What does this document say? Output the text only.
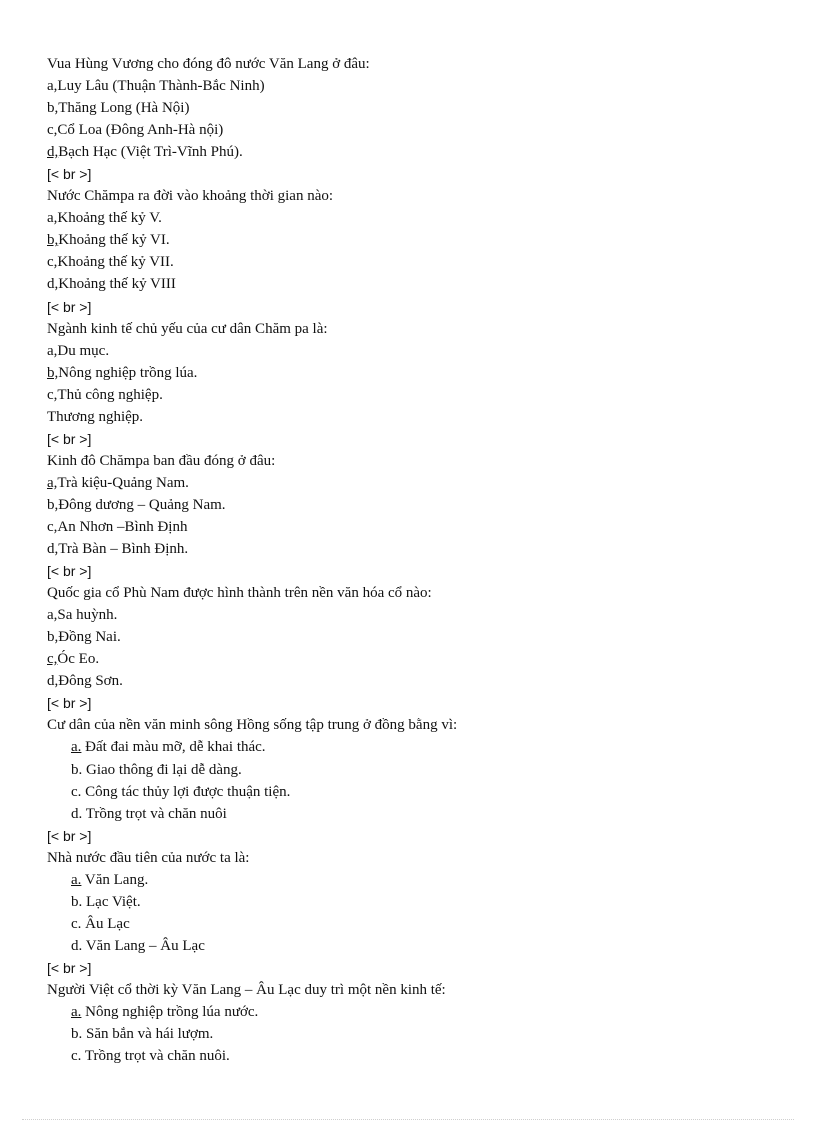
Vua Hùng Vương cho đóng đô nước Văn Lang ở đâu:
a,Luy Lâu (Thuận Thành-Bắc Ninh)
b,Thăng Long (Hà Nội)
c,Cổ Loa (Đông Anh-Hà nội)
d,Bạch Hạc (Việt Trì-Vĩnh Phú).
[< br >]
Nước Chămpa ra đời vào khoảng thời gian nào:
a,Khoảng thế kỷ V.
b,Khoảng thế kỷ VI.
c,Khoảng thế kỷ VII.
d,Khoảng thế kỷ VIII
[< br >]
Ngành kinh tế chủ yếu của cư dân Chăm pa là:
a,Du mục.
b,Nông nghiệp trồng lúa.
c,Thủ công nghiệp.
Thương nghiệp.
[< br >]
Kinh đô Chămpa ban đầu đóng ở đâu:
a,Trà kiệu-Quảng Nam.
b,Đông dương – Quảng Nam.
c,An Nhơn –Bình Định
d,Trà Bàn – Bình Định.
[< br >]
Quốc gia cổ Phù Nam được hình thành trên nền văn hóa cổ nào:
a,Sa huỳnh.
b,Đồng Nai.
c,Óc Eo.
d,Đông Sơn.
[< br >]
Cư dân của nền văn minh sông Hồng sống tập trung ở đồng bằng vì:
a. Đất đai màu mỡ, dễ khai thác.
b. Giao thông đi lại dễ dàng.
c. Công tác thủy lợi được thuận tiện.
d. Trồng trọt và chăn nuôi
[< br >]
Nhà nước đầu tiên của nước ta là:
a. Văn Lang.
b. Lạc Việt.
c. Âu Lạc
d. Văn Lang – Âu Lạc
[< br >]
Người Việt cổ thời kỳ Văn Lang – Âu Lạc duy trì một nền kinh tế:
a. Nông nghiệp trồng lúa nước.
b. Săn bắn và hái lượm.
c. Trồng trọt và chăn nuôi.
